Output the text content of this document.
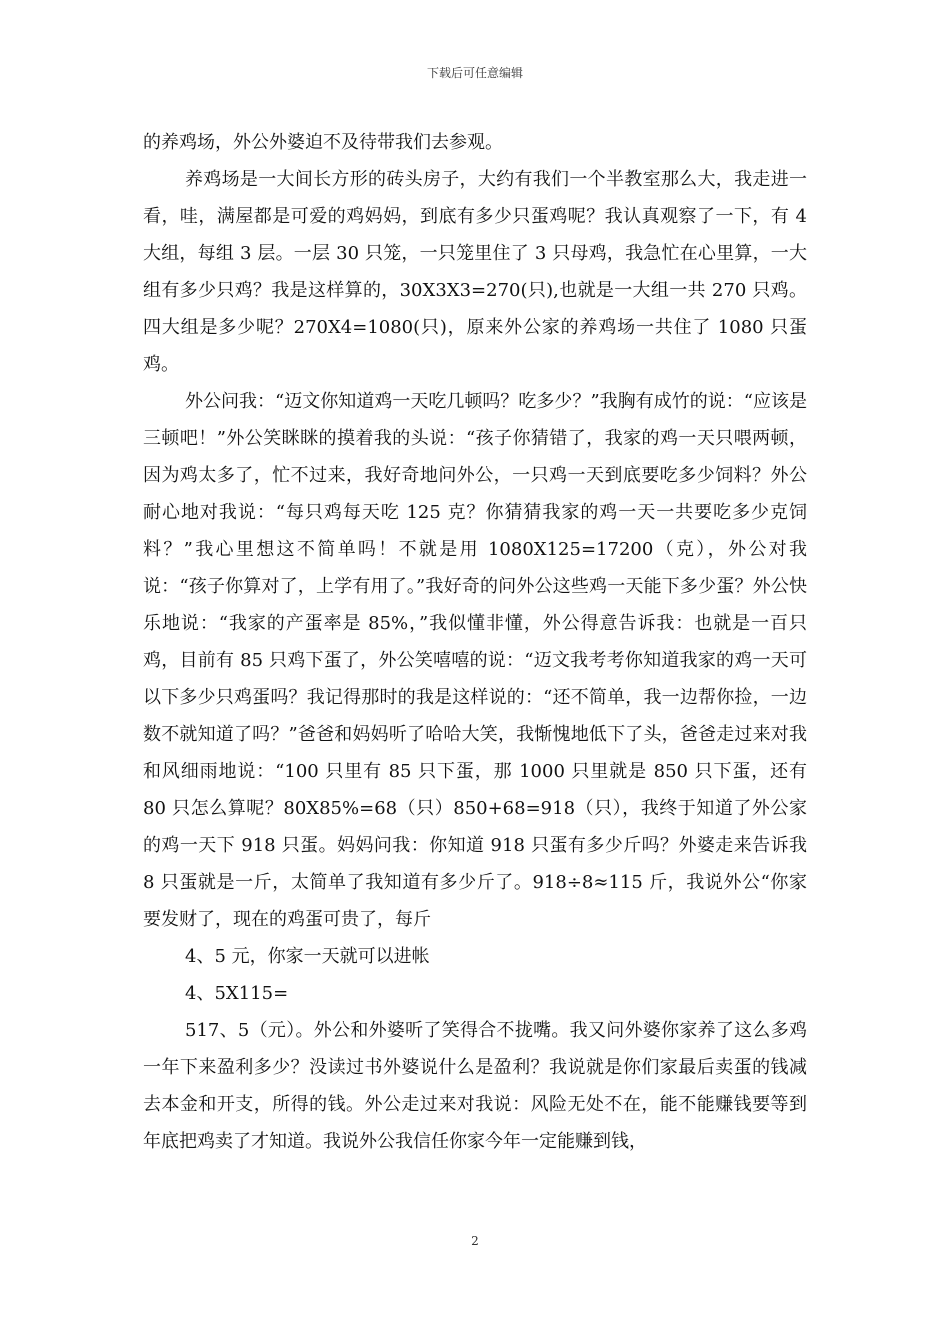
下载后可任意编辑

的养鸡场，外公外婆迫不及待带我们去参观。

养鸡场是一大间长方形的砖头房子，大约有我们一个半教室那么大，我走进一看，哇，满屋都是可爱的鸡妈妈，到底有多少只蛋鸡呢？我认真观察了一下，有 4 大组，每组 3 层。一层 30 只笼，一只笼里住了 3 只母鸡，我急忙在心里算，一大组有多少只鸡？我是这样算的，30X3X3=270(只),也就是一大组一共 270 只鸡。四大组是多少呢？270X4=1080(只)，原来外公家的养鸡场一共住了 1080 只蛋鸡。

外公问我：“迈文你知道鸡一天吃几顿吗？吃多少？”我胸有成竹的说：“应该是三顿吧！”外公笑眯眯的摸着我的头说：“孩子你猜错了，我家的鸡一天只喂两顿，因为鸡太多了，忙不过来，我好奇地问外公，一只鸡一天到底要吃多少饲料？外公耐心地对我说：“每只鸡每天吃 125 克？你猜猜我家的鸡一天一共要吃多少克饲料？”我心里想这不简单吗！不就是用 1080X125=17200（克），外公对我说：“孩子你算对了，上学有用了。”我好奇的问外公这些鸡一天能下多少蛋？外公快乐地说：“我家的产蛋率是 85%，”我似懂非懂，外公得意告诉我：也就是一百只鸡，目前有 85 只鸡下蛋了，外公笑嘻嘻的说：“迈文我考考你知道我家的鸡一天可以下多少只鸡蛋吗？我记得那时的我是这样说的：“还不简单，我一边帮你捡，一边数不就知道了吗？”爸爸和妈妈听了哈哈大笑，我惭愧地低下了头，爸爸走过来对我和风细雨地说：“100 只里有 85 只下蛋，那 1000 只里就是 850 只下蛋，还有 80 只怎么算呢？80X85%=68（只）850+68=918（只），我终于知道了外公家的鸡一天下 918 只蛋。妈妈问我：你知道 918 只蛋有多少斤吗？外婆走来告诉我 8 只蛋就是一斤，太简单了我知道有多少斤了。918÷8≈115 斤，我说外公“你家要发财了，现在的鸡蛋可贵了，每斤

4、5 元，你家一天就可以进帐

4、5X115=

517、5（元）。外公和外婆听了笑得合不拢嘴。我又问外婆你家养了这么多鸡一年下来盈利多少？没读过书外婆说什么是盈利？我说就是你们家最后卖蛋的钱减去本金和开支，所得的钱。外公走过来对我说：风险无处不在，能不能赚钱要等到年底把鸡卖了才知道。我说外公我信任你家今年一定能赚到钱，

2
